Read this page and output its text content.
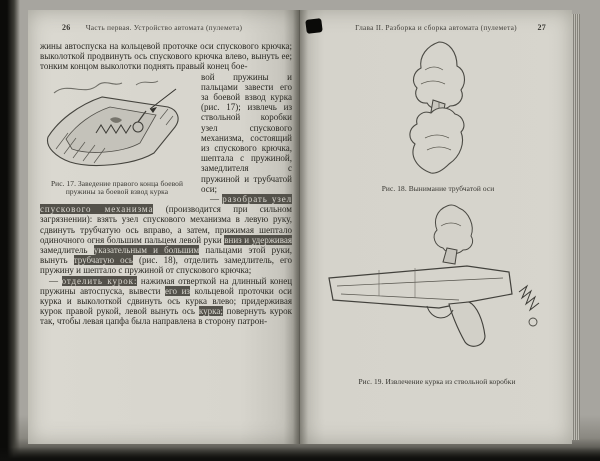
26 Часть первая. Устройство автомата (пулемета)

жины автоспуска на кольцевой проточке оси спускового крючка; выколоткой продвинуть ось спускового крючка влево, вынуть ее; тонким концом выколотки поднять правый конец бое-

Рис. 17. Заведение правого конца боевой пружины за боевой взвод курка

вой пружины и пальцами завести его за боевой взвод курка (рис. 17); извлечь из ствольной коробки узел спускового механизма, состоящий из спускового крючка, шептала с пружиной, замедлителя с пружиной и трубчатой оси;

— разобрать узел спускового механизма (производится при сильном загрязнении): взять узел спускового механизма в левую руку, сдвинуть трубчатую ось вправо, а затем, прижимая шептало одиночного огня большим пальцем левой руки вниз и удерживая замедлитель указательным и большим пальцами этой руки, вынуть трубчатую ось (рис. 18), отделить замедлитель, его пружину и шептало с пружиной от спускового крючка;

— отделить курок: нажимая отверткой на длинный конец пружины автоспуска, вывести его из кольцевой проточки оси курка и выколоткой сдвинуть ось курка влево; придерживая курок правой рукой, левой вынуть ось курка; повернуть курок так, чтобы левая цапфа была направлена в сторону патрон-

Глава II. Разборка и сборка автомата (пулемета)	27
Рис. 18. Вынимание трубчатой оси
Рис. 19. Извлечение курка из ствольной коробки
